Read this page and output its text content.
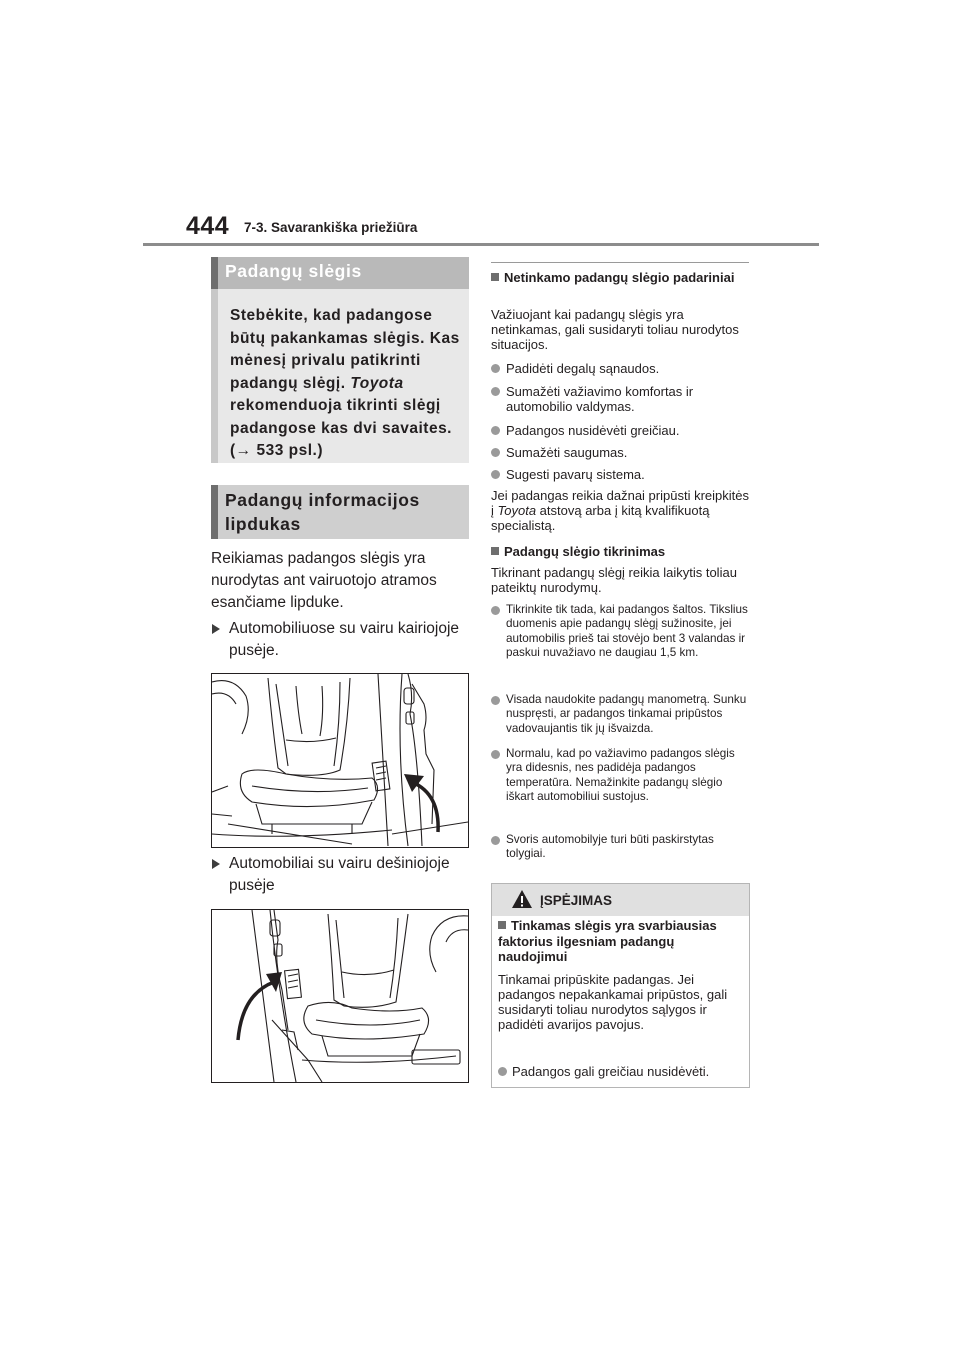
444 7-3. Savarankiška priežiūra
Padangų slėgis
Stebėkite, kad padangose būtų pakankamas slėgis. Kas mėnesį privalu patikrinti padangų slėgį. Toyota rekomenduoja tikrinti slėgį padangose kas dvi savaites.
(→ 533 psl.)
Padangų informacijos lipdukas
Reikiamas padangos slėgis yra nurodytas ant vairuotojo atramos esančiame lipduke.
Automobiliuose su vairu kairiojoje pusėje.
Automobiliai su vairu dešiniojoje pusėje
Netinkamo padangų slėgio padariniai
Važiuojant kai padangų slėgis yra netinkamas, gali susidaryti toliau nurodytos situacijos.
Padidėti degalų sąnaudos.
Sumažėti važiavimo komfortas ir automobilio valdymas.
Padangos nusidėvėti greičiau.
Sumažėti saugumas.
Sugesti pavarų sistema.
Jei padangas reikia dažnai pripūsti kreipkitės į Toyota atstovą arba į kitą kvalifikuotą specialistą.
Padangų slėgio tikrinimas
Tikrinant padangų slėgį reikia laikytis toliau pateiktų nurodymų.
Tikrinkite tik tada, kai padangos šaltos. Tikslius duomenis apie padangų slėgį sužinosite, jei automobilis prieš tai stovėjo bent 3 valandas ir paskui nuvažiavo ne daugiau 1,5 km.
Visada naudokite padangų manometrą. Sunku nuspręsti, ar padangos tinkamai pripūstos vadovaujantis tik jų išvaizda.
Normalu, kad po važiavimo padangos slėgis yra didesnis, nes padidėja padangos temperatūra. Nemažinkite padangų slėgio iškart automobiliui sustojus.
Svoris automobilyje turi būti paskirstytas tolygiai.
ĮSPĖJIMAS
Tinkamas slėgis yra svarbiausias faktorius ilgesniam padangų naudojimui
Tinkamai pripūskite padangas. Jei padangos nepakankamai pripūstos, gali susidaryti toliau nurodytos sąlygos ir padidėti avarijos pavojus.
Padangos gali greičiau nusidėvėti.
